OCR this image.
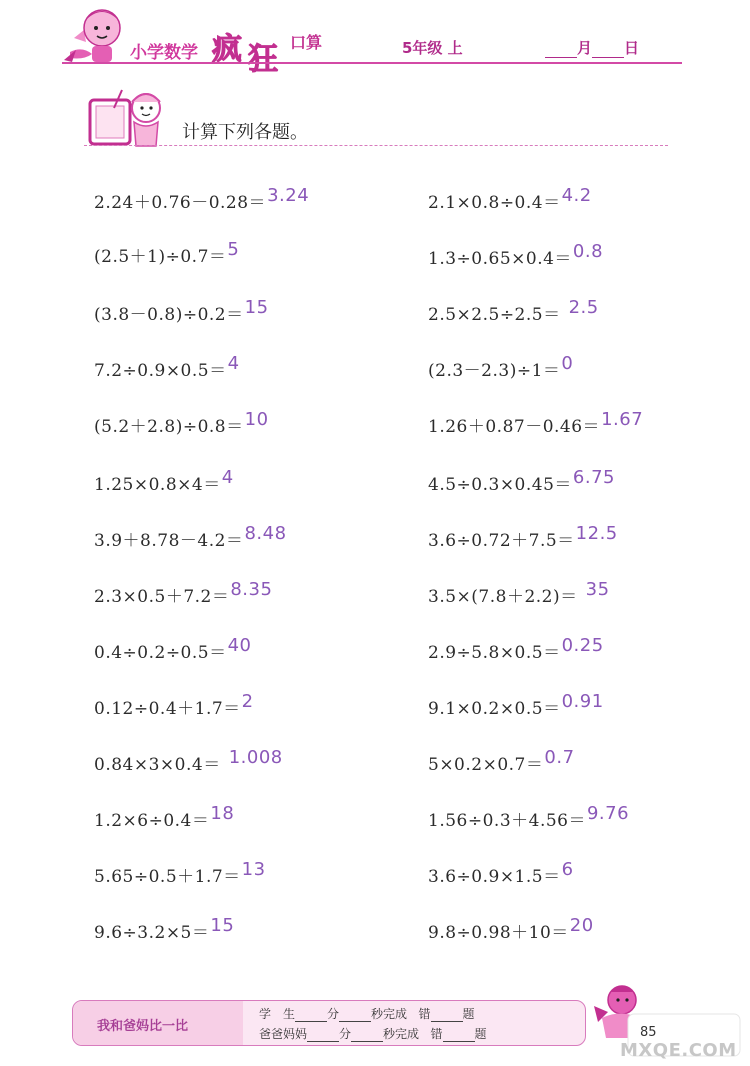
小学数学 疯 狂 口算	5年级 上	月 日
计算下列各题。
2.24＋0.76－0.28＝3.24
(2.5＋1)÷0.7＝5
(3.8－0.8)÷0.2＝15
7.2÷0.9×0.5＝4
(5.2＋2.8)÷0.8＝10
1.25×0.8×4＝4
3.9＋8.78－4.2＝8.48
2.3×0.5＋7.2＝8.35
0.4÷0.2÷0.5＝40
0.12÷0.4＋1.7＝2
0.84×3×0.4＝ 1.008
1.2×6÷0.4＝18
5.65÷0.5＋1.7＝13
9.6÷3.2×5＝15
2.1×0.8÷0.4＝4.2
1.3÷0.65×0.4＝0.8
2.5×2.5÷2.5＝ 2.5
(2.3－2.3)÷1＝0
1.26＋0.87－0.46＝1.67
4.5÷0.3×0.45＝6.75
3.6÷0.72＋7.5＝12.5
3.5×(7.8＋2.2)＝ 35
2.9÷5.8×0.5＝0.25
9.1×0.2×0.5＝0.91
5×0.2×0.7＝0.7
1.56÷0.3＋4.56＝9.76
3.6÷0.9×1.5＝6
9.8÷0.98＋10＝20
我和爸妈比一比
学　生	分	秒完成 错	题
爸爸妈妈	分	秒完成 错	题	85
MXQE.COM
